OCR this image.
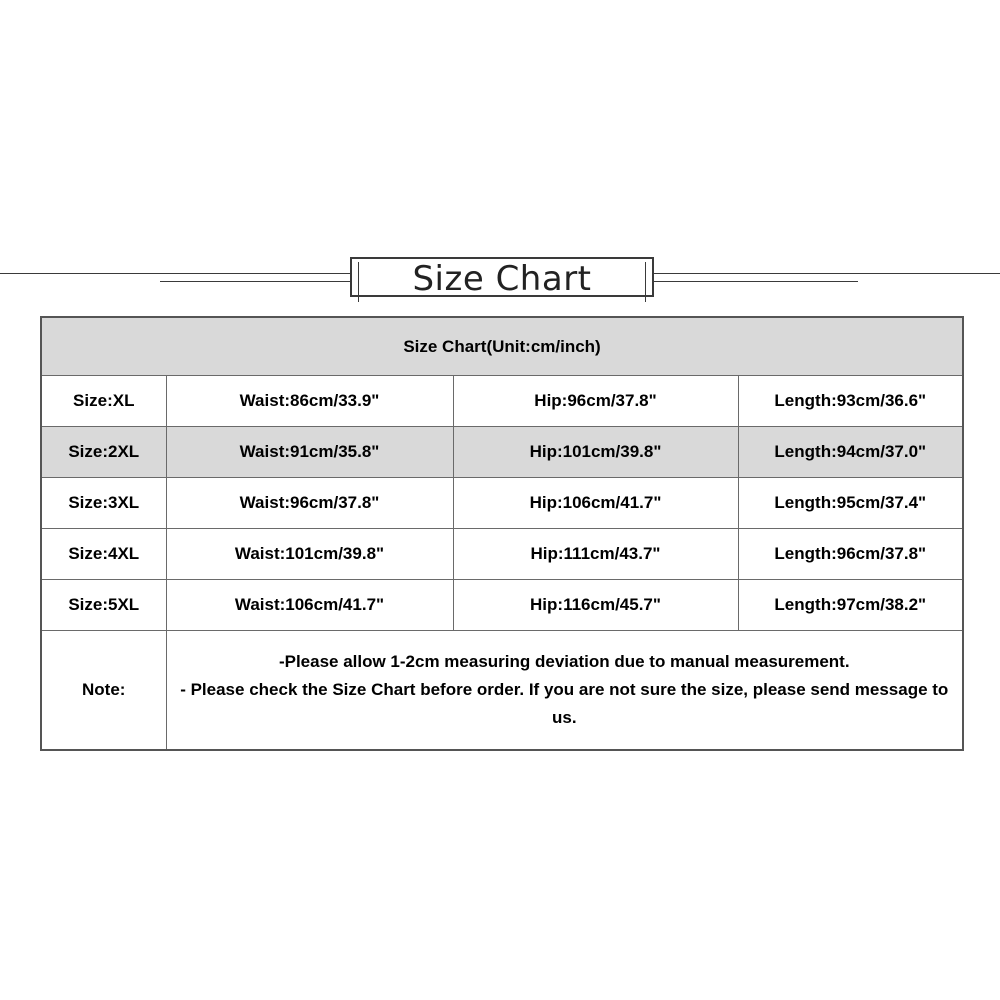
Size Chart
Size Chart(Unit:cm/inch)			
Size:XL	Waist:86cm/33.9"	Hip:96cm/37.8"	Length:93cm/36.6"
Size:2XL	Waist:91cm/35.8"	Hip:101cm/39.8"	Length:94cm/37.0"
Size:3XL	Waist:96cm/37.8"	Hip:106cm/41.7"	Length:95cm/37.4"
Size:4XL	Waist:101cm/39.8"	Hip:111cm/43.7"	Length:96cm/37.8"
Size:5XL	Waist:106cm/41.7"	Hip:116cm/45.7"	Length:97cm/38.2"
Note:	-Please allow 1-2cm measuring deviation due to manual measurement.
- Please check the Size Chart before order. If you are not sure the size, please send message to us.		
